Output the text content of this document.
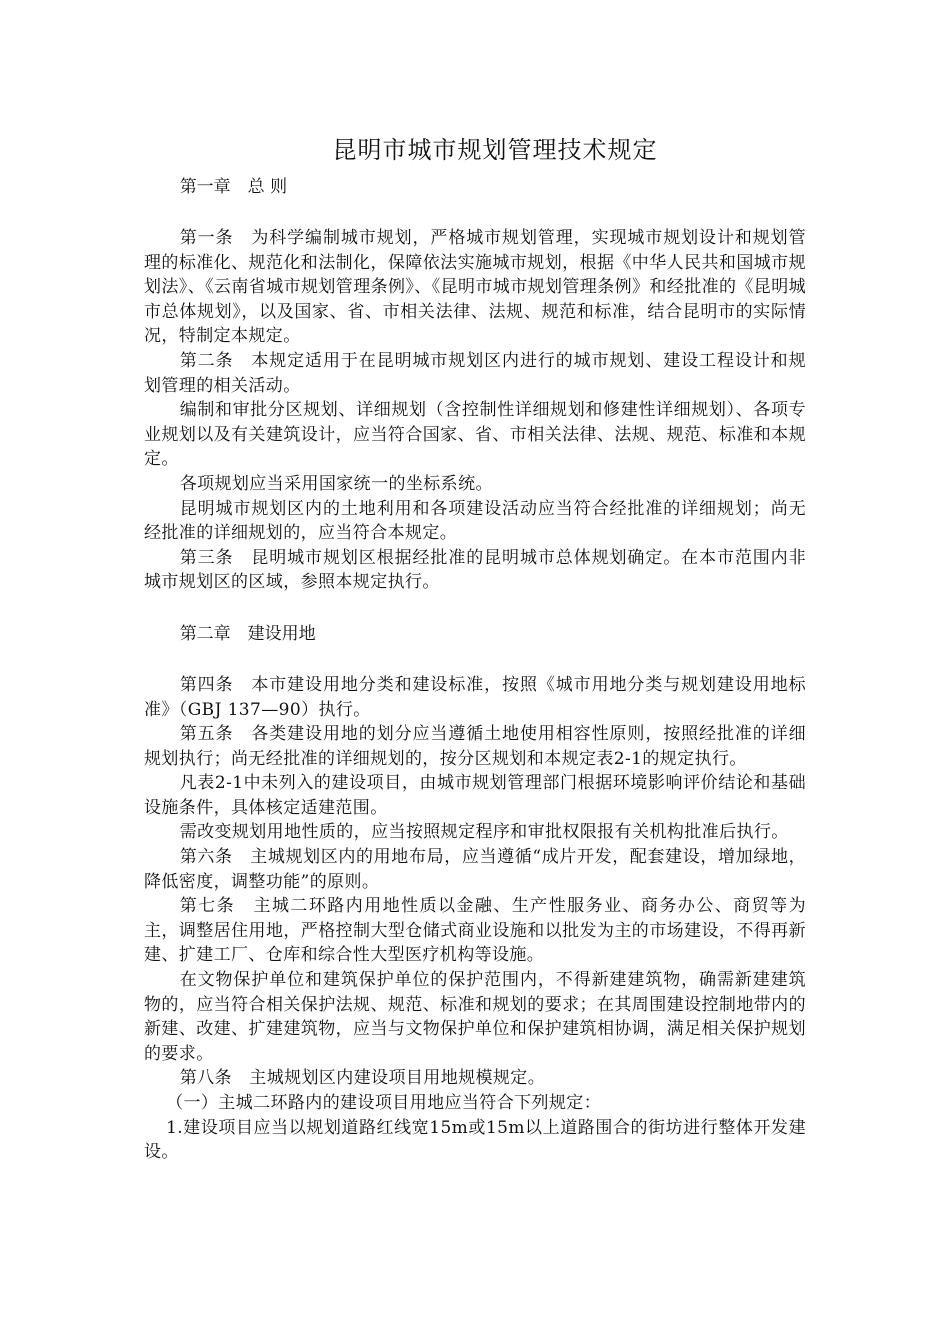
昆明市城市规划管理技术规定
第一章　总 则

第一条　为科学编制城市规划，严格城市规划管理，实现城市规划设计和规划管理的标准化、规范化和法制化，保障依法实施城市规划，根据《中华人民共和国城市规划法》、《云南省城市规划管理条例》、《昆明市城市规划管理条例》和经批准的《昆明城市总体规划》，以及国家、省、市相关法律、法规、规范和标准，结合昆明市的实际情况，特制定本规定。

第二条　本规定适用于在昆明城市规划区内进行的城市规划、建设工程设计和规划管理的相关活动。

编制和审批分区规划、详细规划（含控制性详细规划和修建性详细规划）、各项专业规划以及有关建筑设计，应当符合国家、省、市相关法律、法规、规范、标准和本规定。

各项规划应当采用国家统一的坐标系统。

昆明城市规划区内的土地利用和各项建设活动应当符合经批准的详细规划；尚无经批准的详细规划的，应当符合本规定。

第三条　昆明城市规划区根据经批准的昆明城市总体规划确定。在本市范围内非城市规划区的区域，参照本规定执行。

第二章　建设用地

第四条　本市建设用地分类和建设标准，按照《城市用地分类与规划建设用地标准》（GBJ 137—90）执行。

第五条　各类建设用地的划分应当遵循土地使用相容性原则，按照经批准的详细规划执行；尚无经批准的详细规划的，按分区规划和本规定表2-1的规定执行。

凡表2-1中未列入的建设项目，由城市规划管理部门根据环境影响评价结论和基础设施条件，具体核定适建范围。

需改变规划用地性质的，应当按照规定程序和审批权限报有关机构批准后执行。

第六条　主城规划区内的用地布局，应当遵循“成片开发，配套建设，增加绿地，降低密度，调整功能”的原则。

第七条　主城二环路内用地性质以金融、生产性服务业、商务办公、商贸等为主，调整居住用地，严格控制大型仓储式商业设施和以批发为主的市场建设，不得再新建、扩建工厂、仓库和综合性大型医疗机构等设施。

在文物保护单位和建筑保护单位的保护范围内，不得新建建筑物，确需新建建筑物的，应当符合相关保护法规、规范、标准和规划的要求；在其周围建设控制地带内的新建、改建、扩建建筑物，应当与文物保护单位和保护建筑相协调，满足相关保护规划的要求。

第八条　主城规划区内建设项目用地规模规定。

（一）主城二环路内的建设项目用地应当符合下列规定：

1.建设项目应当以规划道路红线宽15m或15m以上道路围合的街坊进行整体开发建设。
